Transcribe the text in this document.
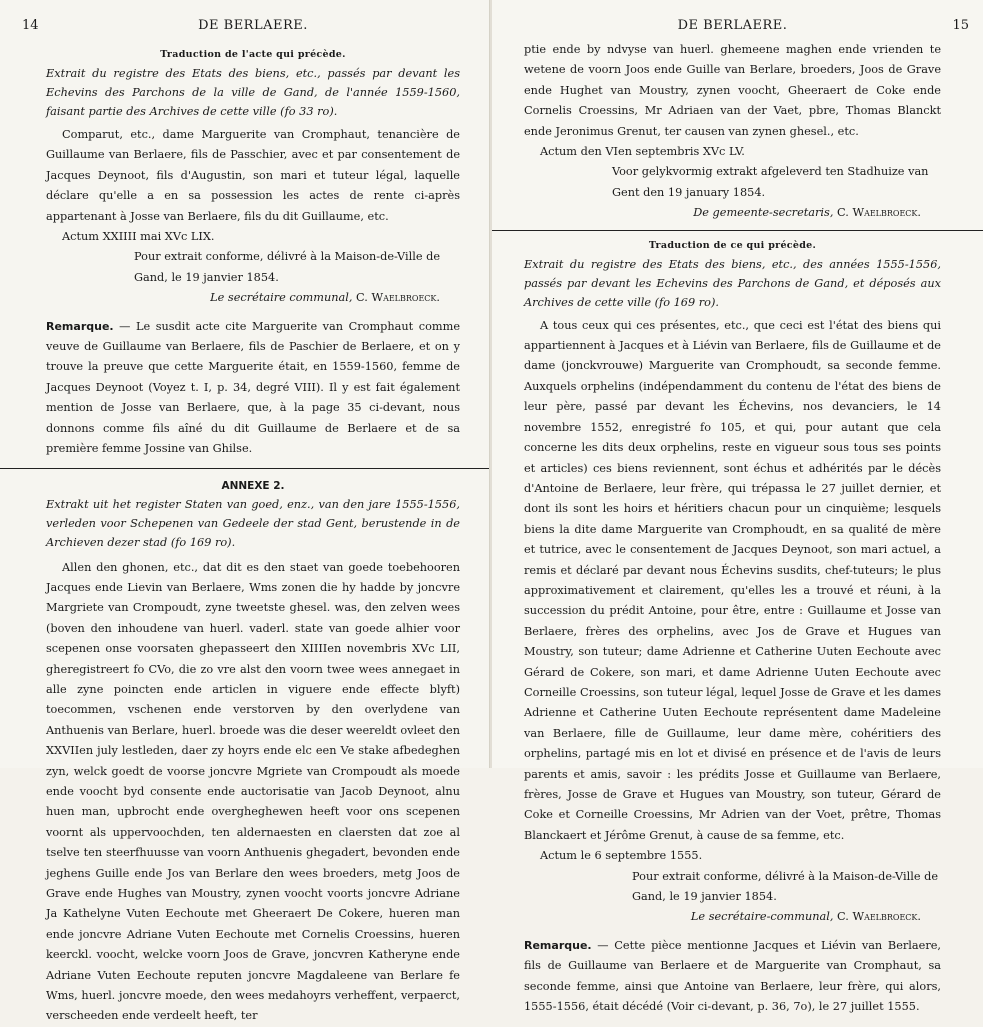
14	DE BERLAERE.

Traduction de l'acte qui précède.

Extrait du registre des Etats des biens, etc., passés par devant les Echevins des Parchons de la ville de Gand, de l'année 1559-1560, faisant partie des Archives de cette ville (fo 33 ro).

Comparut, etc., dame Marguerite van Cromphaut, tenancière de Guillaume van Berlaere, fils de Passchier, avec et par consentement de Jacques Deynoot, fils d'Augustin, son mari et tuteur légal, laquelle déclare qu'elle a en sa possession les actes de rente ci-après appartenant à Josse van Berlaere, fils du dit Guillaume, etc.

Actum XXIIII mai XVc LIX.

Pour extrait conforme, délivré à la Maison-de-Ville de Gand, le 19 janvier 1854.

Le secrétaire communal, C. Waelbroeck.

Remarque. — Le susdit acte cite Marguerite van Cromphaut comme veuve de Guillaume van Berlaere, fils de Paschier de Berlaere, et on y trouve la preuve que cette Marguerite était, en 1559-1560, femme de Jacques Deynoot (Voyez t. I, p. 34, degré VIII). Il y est fait également mention de Josse van Berlaere, que, à la page 35 ci-devant, nous donnons comme fils aîné du dit Guillaume de Berlaere et de sa première femme Jossine van Ghilse.

ANNEXE 2.

Extrakt uit het register Staten van goed, enz., van den jare 1555-1556, verleden voor Schepenen van Gedeele der stad Gent, berustende in de Archieven dezer stad (fo 169 ro).

Allen den ghonen, etc., dat dit es den staet van goede toebehooren Jacques ende Lievin van Berlaere, Wms zonen die hy hadde by joncvre Margriete van Crompoudt, zyne tweetste ghesel. was, den zelven wees (boven den inhoudene van huerl. vaderl. state van goede alhier voor scepenen onse voorsaten ghepasseert den XIIIIen novembris XVc LII, gheregistreert fo CVo, die zo vre alst den voorn twee wees annegaet in alle zyne poincten ende articlen in viguere ende effecte blyft) toecommen, vschenen ende verstorven by den overlydene van Anthuenis van Berlare, huerl. broede was die deser weereldt ovleet den XXVIIen july lestleden, daer zy hoyrs ende elc een Ve stake afbedeghen zyn, welck goedt de voorse joncvre Mgriete van Crompoudt als moede ende voocht byd consente ende auctorisatie van Jacob Deynoot, alnu huen man, upbrocht ende overgheghewen heeft voor ons scepenen voornt als uppervoochden, ten aldernaesten en claersten dat zoe al tselve ten steerfhuusse van voorn Anthuenis ghegadert, bevonden ende jeghens Guille ende Jos van Berlare den wees broeders, metg Joos de Grave ende Hughes van Moustry, zynen voocht voorts joncvre Adriane Ja Kathelyne Vuten Eechoute met Gheeraert De Cokere, hueren man ende joncvre Adriane Vuten Eechoute met Cornelis Croessins, hueren keerckl. voocht, welcke voorn Joos de Grave, joncvren Katheryne ende Adriane Vuten Eechoute reputen joncvre Magdaleene van Berlare fe Wms, huerl. joncvre moede, den wees medahoyrs verheffent, verpaerct, verscheeden ende verdeelt heeft, ter

DE BERLAERE.	15

ptie ende by ndvyse van huerl. ghemeene maghen ende vrienden te wetene de voorn Joos ende Guille van Berlare, broeders, Joos de Grave ende Hughet van Moustry, zynen voocht, Gheeraert de Coke ende Cornelis Croessins, Mr Adriaen van der Vaet, pbre, Thomas Blanckt ende Jeronimus Grenut, ter causen van zynen ghesel., etc.

Actum den VIen septembris XVc LV.

Voor gelykvormig extrakt afgeleverd ten Stadhuize van Gent den 19 january 1854.

De gemeente-secretaris, C. Waelbroeck.

Traduction de ce qui précède.

Extrait du registre des Etats des biens, etc., des années 1555-1556, passés par devant les Echevins des Parchons de Gand, et déposés aux Archives de cette ville (fo 169 ro).

A tous ceux qui ces présentes, etc., que ceci est l'état des biens qui appartiennent à Jacques et à Liévin van Berlaere, fils de Guillaume et de dame (jonckvrouwe) Marguerite van Cromphoudt, sa seconde femme. Auxquels orphelins (indépendamment du contenu de l'état des biens de leur père, passé par devant les Échevins, nos devanciers, le 14 novembre 1552, enregistré fo 105, et qui, pour autant que cela concerne les dits deux orphelins, reste en vigueur sous tous ses points et articles) ces biens reviennent, sont échus et adhérités par le décès d'Antoine de Berlaere, leur frère, qui trépassa le 27 juillet dernier, et dont ils sont les hoirs et héritiers chacun pour un cinquième; lesquels biens la dite dame Marguerite van Cromphoudt, en sa qualité de mère et tutrice, avec le consentement de Jacques Deynoot, son mari actuel, a remis et déclaré par devant nous Échevins susdits, chef-tuteurs; le plus approximativement et clairement, qu'elles les a trouvé et réuni, à la succession du prédit Antoine, pour être, entre : Guillaume et Josse van Berlaere, frères des orphelins, avec Jos de Grave et Hugues van Moustry, son tuteur; dame Adrienne et Catherine Uuten Eechoute avec Gérard de Cokere, son mari, et dame Adrienne Uuten Eechoute avec Corneille Croessins, son tuteur légal, lequel Josse de Grave et les dames Adrienne et Catherine Uuten Eechoute représentent dame Madeleine van Berlaere, fille de Guillaume, leur dame mère, cohéritiers des orphelins, partagé mis en lot et divisé en présence et de l'avis de leurs parents et amis, savoir : les prédits Josse et Guillaume van Berlaere, frères, Josse de Grave et Hugues van Moustry, son tuteur, Gérard de Coke et Corneille Croessins, Mr Adrien van der Voet, prêtre, Thomas Blanckaert et Jérôme Grenut, à cause de sa femme, etc.

Actum le 6 septembre 1555.

Pour extrait conforme, délivré à la Maison-de-Ville de Gand, le 19 janvier 1854.

Le secrétaire-communal, C. Waelbroeck.

Remarque. — Cette pièce mentionne Jacques et Liévin van Berlaere, fils de Guillaume van Berlaere et de Marguerite van Cromphaut, sa seconde femme, ainsi que Antoine van Berlaere, leur frère, qui alors, 1555-1556, était décédé (Voir ci-devant, p. 36, 7o), le 27 juillet 1555.
